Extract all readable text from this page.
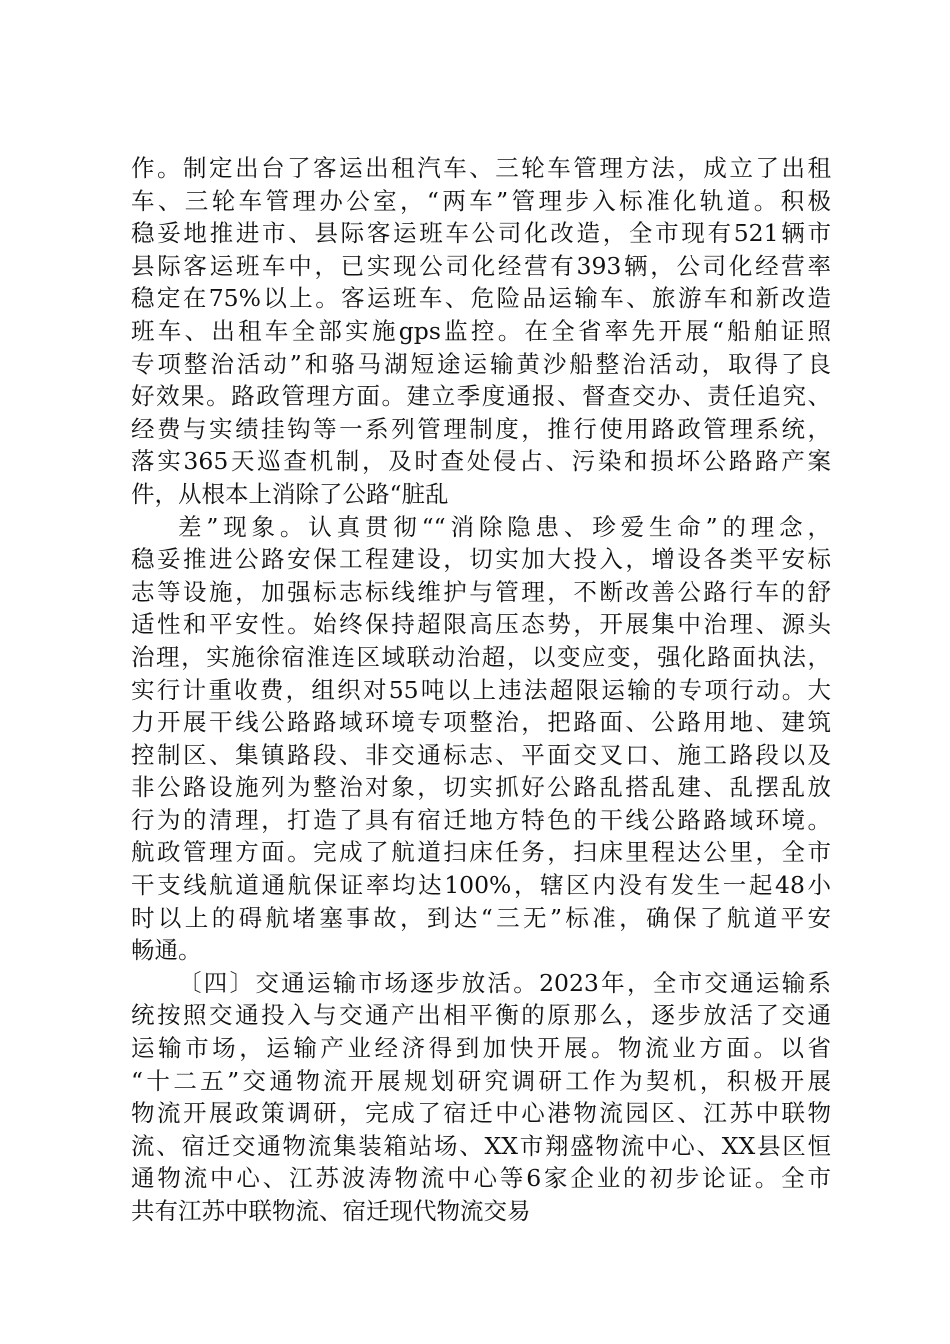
作。制定出台了客运出租汽车、三轮车管理方法，成立了出租
车、三轮车管理办公室，“两车”管理步入标准化轨道。积极
稳妥地推进市、县际客运班车公司化改造，全市现有521辆市
县际客运班车中，已实现公司化经营有393辆，公司化经营率
稳定在75%以上。客运班车、危险品运输车、旅游车和新改造
班车、出租车全部实施gps监控。在全省率先开展“船舶证照
专项整治活动”和骆马湖短途运输黄沙船整治活动，取得了良
好效果。路政管理方面。建立季度通报、督查交办、责任追究、
经费与实绩挂钩等一系列管理制度，推行使用路政管理系统，
落实365天巡查机制，及时查处侵占、污染和损坏公路路产案
件，从根本上消除了公路“脏乱
差”现象。认真贯彻““消除隐患、珍爱生命”的理念，
稳妥推进公路安保工程建设，切实加大投入，增设各类平安标
志等设施，加强标志标线维护与管理，不断改善公路行车的舒
适性和平安性。始终保持超限高压态势，开展集中治理、源头
治理，实施徐宿淮连区域联动治超，以变应变，强化路面执法，
实行计重收费，组织对55吨以上违法超限运输的专项行动。大
力开展干线公路路域环境专项整治，把路面、公路用地、建筑
控制区、集镇路段、非交通标志、平面交叉口、施工路段以及
非公路设施列为整治对象，切实抓好公路乱搭乱建、乱摆乱放
行为的清理，打造了具有宿迁地方特色的干线公路路域环境。
航政管理方面。完成了航道扫床任务，扫床里程达公里，全市
干支线航道通航保证率均达100%，辖区内没有发生一起48小
时以上的碍航堵塞事故，到达“三无”标准，确保了航道平安
畅通。
〔四〕交通运输市场逐步放活。2023年，全市交通运输系
统按照交通投入与交通产出相平衡的原那么，逐步放活了交通
运输市场，运输产业经济得到加快开展。物流业方面。以省
“十二五”交通物流开展规划研究调研工作为契机，积极开展
物流开展政策调研，完成了宿迁中心港物流园区、江苏中联物
流、宿迁交通物流集装箱站场、XX市翔盛物流中心、XX县区恒
通物流中心、江苏波涛物流中心等6家企业的初步论证。全市
共有江苏中联物流、宿迁现代物流交易
